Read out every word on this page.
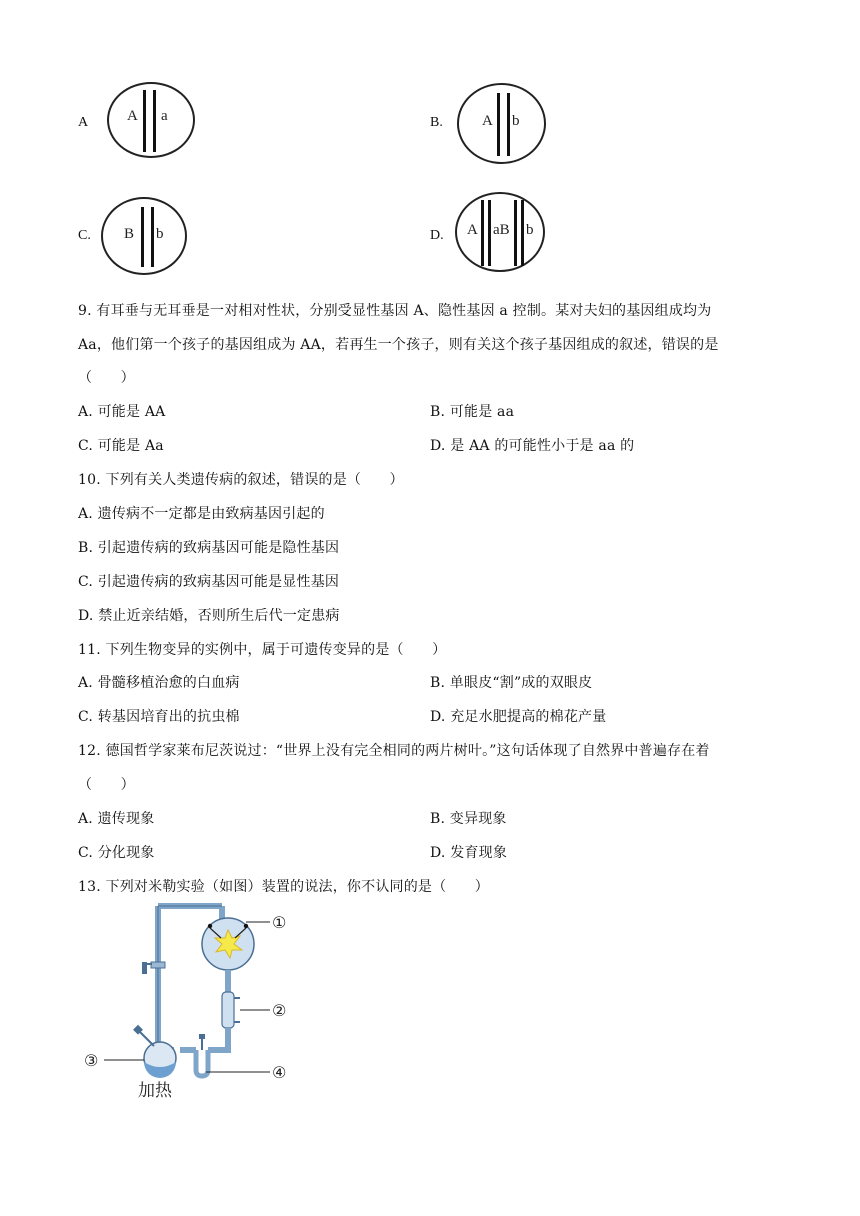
A	A a	B.	A b
C. B b	D. A aB b
9. 有耳垂与无耳垂是一对相对性状，分别受显性基因 A、隐性基因 a 控制。某对夫妇的基因组成均为
Aa，他们第一个孩子的基因组成为 AA，若再生一个孩子，则有关这个孩子基因组成的叙述，错误的是
（　　）
A. 可能是 AA	B. 可能是 aa
C. 可能是 Aa	D. 是 AA 的可能性小于是 aa 的
10. 下列有关人类遗传病的叙述，错误的是（　　）
A. 遗传病不一定都是由致病基因引起的
B. 引起遗传病的致病基因可能是隐性基因
C. 引起遗传病的致病基因可能是显性基因
D. 禁止近亲结婚，否则所生后代一定患病
11. 下列生物变异的实例中，属于可遗传变异的是（　　）
A. 骨髓移植治愈的白血病	B. 单眼皮“割”成的双眼皮
C. 转基因培育出的抗虫棉	D. 充足水肥提高的棉花产量
12. 德国哲学家莱布尼茨说过：“世界上没有完全相同的两片树叶。”这句话体现了自然界中普遍存在着
（　　）
A. 遗传现象	B. 变异现象
C. 分化现象	D. 发育现象
13. 下列对米勒实验（如图）装置的说法，你不认同的是（　　）
①
②
③
④
加热
